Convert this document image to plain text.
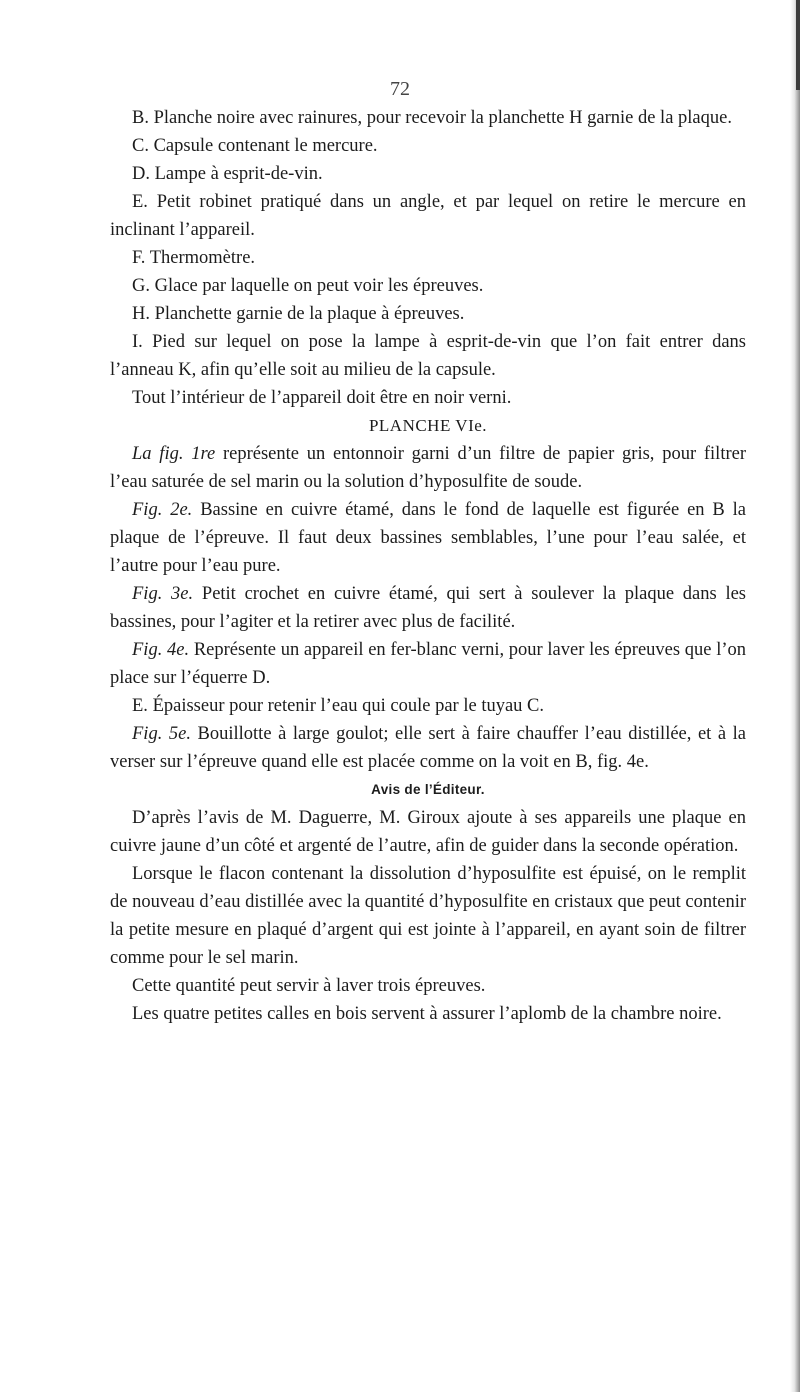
72

B. Planche noire avec rainures, pour recevoir la planchette H garnie de la plaque.

C. Capsule contenant le mercure.

D. Lampe à esprit-de-vin.

E. Petit robinet pratiqué dans un angle, et par lequel on retire le mercure en inclinant l’appareil.

F. Thermomètre.

G. Glace par laquelle on peut voir les épreuves.

H. Planchette garnie de la plaque à épreuves.

I. Pied sur lequel on pose la lampe à esprit-de-vin que l’on fait entrer dans l’anneau K, afin qu’elle soit au milieu de la capsule.

Tout l’intérieur de l’appareil doit être en noir verni.

PLANCHE VIe.

La fig. 1re représente un entonnoir garni d’un filtre de papier gris, pour filtrer l’eau saturée de sel marin ou la solution d’hyposulfite de soude.

Fig. 2e. Bassine en cuivre étamé, dans le fond de laquelle est figurée en B la plaque de l’épreuve. Il faut deux bassines semblables, l’une pour l’eau salée, et l’autre pour l’eau pure.

Fig. 3e. Petit crochet en cuivre étamé, qui sert à soulever la plaque dans les bassines, pour l’agiter et la retirer avec plus de facilité.

Fig. 4e. Représente un appareil en fer-blanc verni, pour laver les épreuves que l’on place sur l’équerre D.

E. Épaisseur pour retenir l’eau qui coule par le tuyau C.

Fig. 5e. Bouillotte à large goulot; elle sert à faire chauffer l’eau distillée, et à la verser sur l’épreuve quand elle est placée comme on la voit en B, fig. 4e.

Avis de l’Éditeur.

D’après l’avis de M. Daguerre, M. Giroux ajoute à ses appareils une plaque en cuivre jaune d’un côté et argenté de l’autre, afin de guider dans la seconde opération.

Lorsque le flacon contenant la dissolution d’hyposulfite est épuisé, on le remplit de nouveau d’eau distillée avec la quantité d’hyposulfite en cristaux que peut contenir la petite mesure en plaqué d’argent qui est jointe à l’appareil, en ayant soin de filtrer comme pour le sel marin.

Cette quantité peut servir à laver trois épreuves.

Les quatre petites calles en bois servent à assurer l’aplomb de la chambre noire.
